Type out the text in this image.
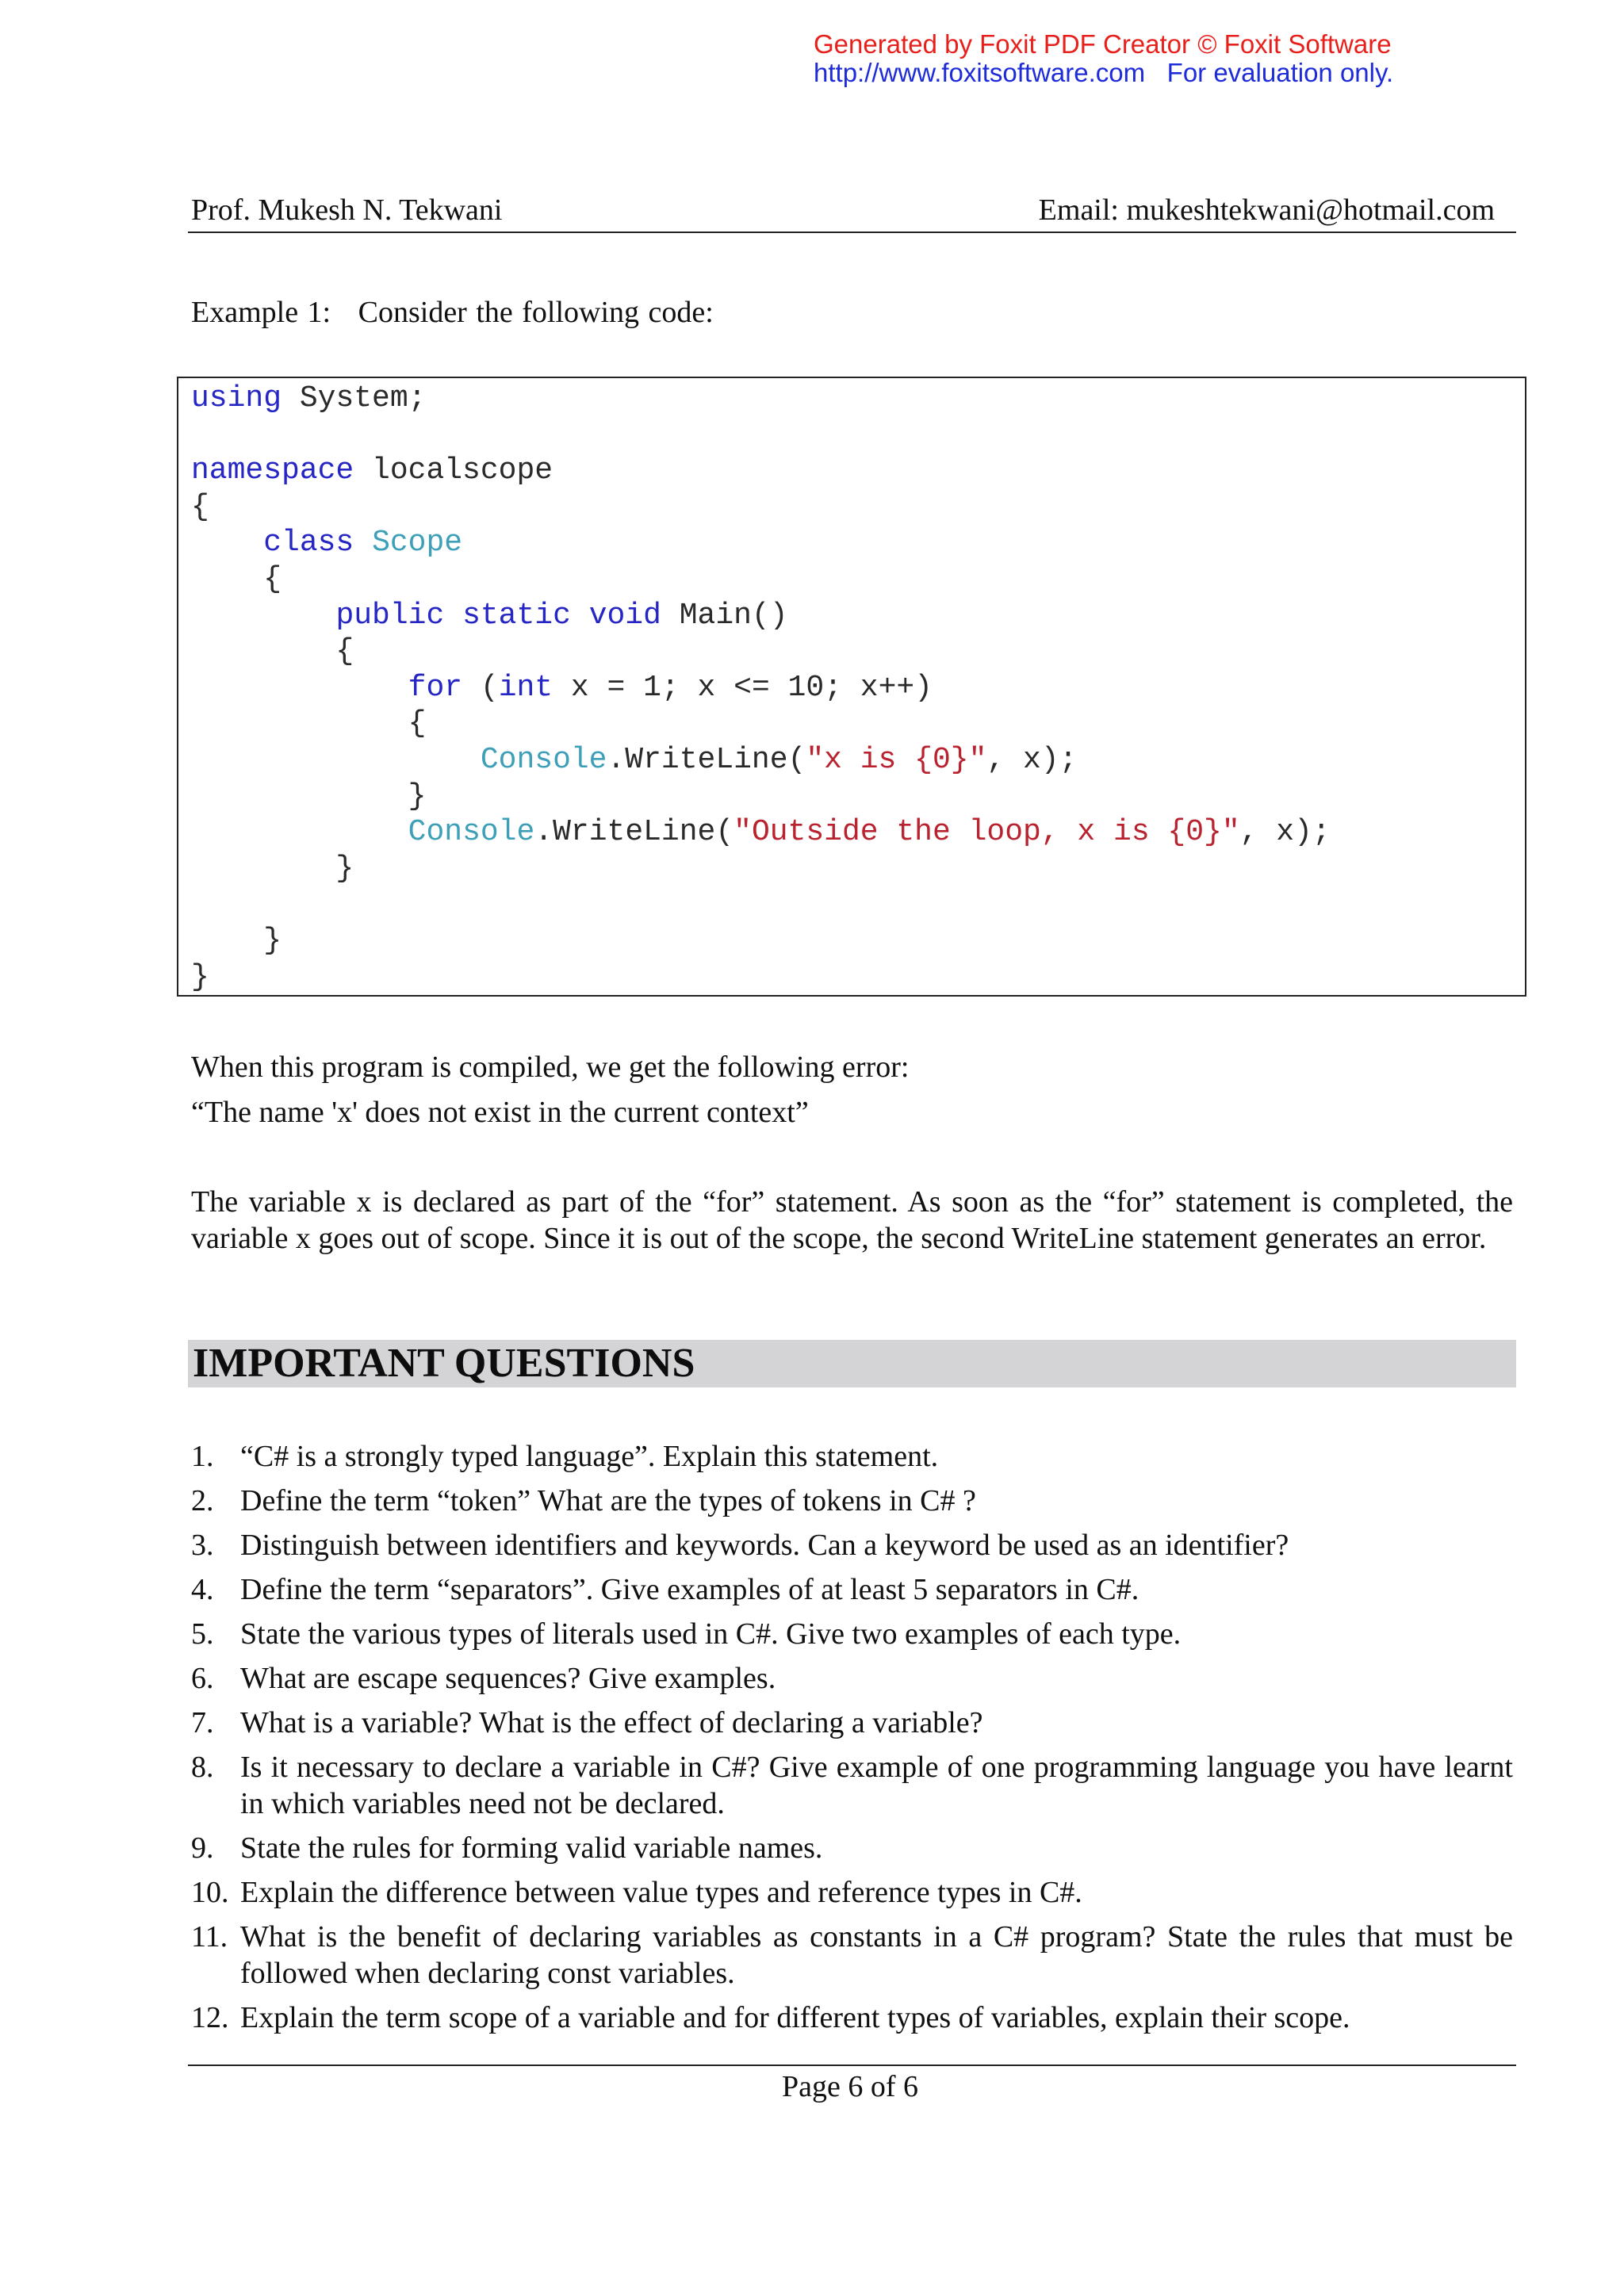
Generated by Foxit PDF Creator © Foxit Software
http://www.foxitsoftware.com For evaluation only.
Prof. Mukesh N. Tekwani	Email: mukeshtekwani@hotmail.com
Example 1: Consider the following code:
using System;

namespace localscope
{
class Scope
{
public static void Main()
{
for (int x = 1; x <= 10; x++)
{
Console.WriteLine("x is {0}", x);
}
Console.WriteLine("Outside the loop, x is {0}", x);
}

}
}
When this program is compiled, we get the following error:
“The name 'x' does not exist in the current context”
The variable x is declared as part of the “for” statement. As soon as the “for” statement is completed, the variable x goes out of scope. Since it is out of the scope, the second WriteLine statement generates an error.
IMPORTANT QUESTIONS
1. “C# is a strongly typed language”. Explain this statement.
2. Define the term “token” What are the types of tokens in C# ?
3. Distinguish between identifiers and keywords. Can a keyword be used as an identifier?
4. Define the term “separators”. Give examples of at least 5 separators in C#.
5. State the various types of literals used in C#. Give two examples of each type.
6. What are escape sequences? Give examples.
7. What is a variable? What is the effect of declaring a variable?
8. Is it necessary to declare a variable in C#? Give example of one programming language you have learnt in which variables need not be declared.
9. State the rules for forming valid variable names.
10. Explain the difference between value types and reference types in C#.
11. What is the benefit of declaring variables as constants in a C# program? State the rules that must be followed when declaring const variables.
12. Explain the term scope of a variable and for different types of variables, explain their scope.
Page 6 of 6
